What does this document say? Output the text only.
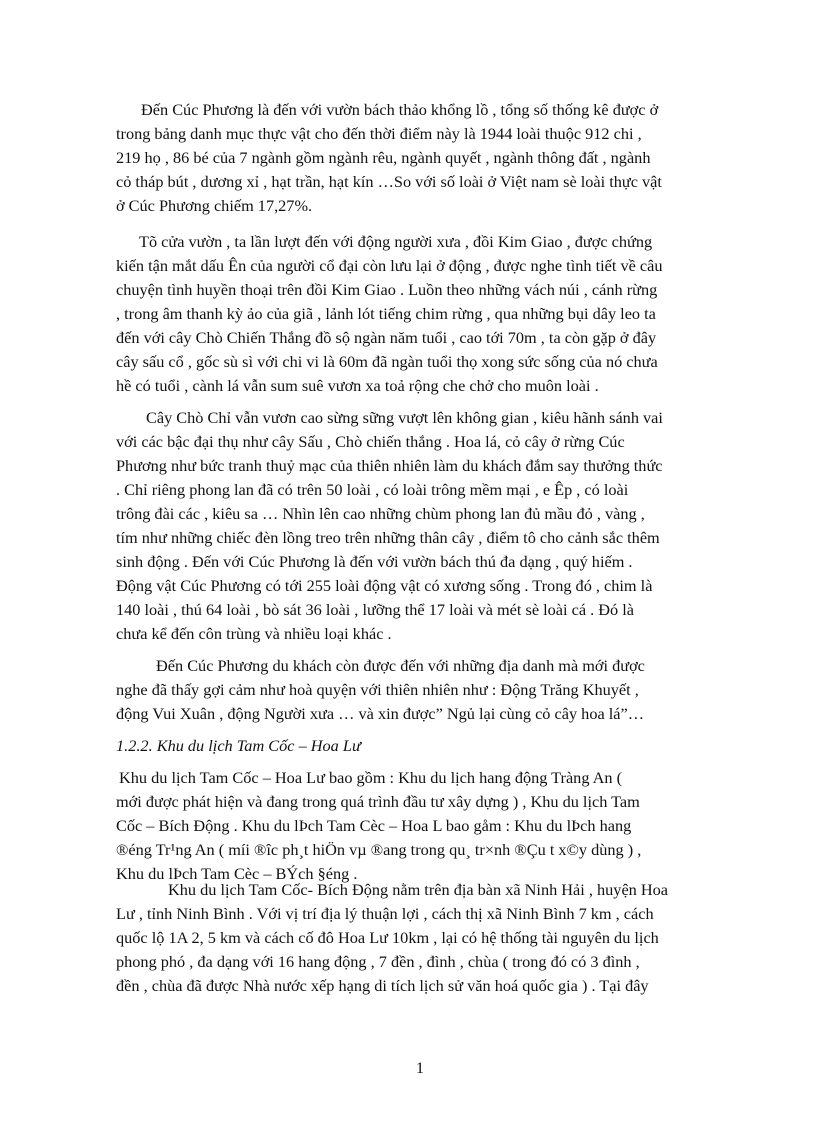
Đến Cúc Phương là đến với vườn bách thảo khổng lồ , tổng số thống kê được ở
trong bảng danh mục thực vật cho đến thời điểm này là 1944 loài thuộc 912 chi ,
219 họ , 86 bé của 7 ngành gồm ngành rêu, ngành quyết , ngành thông đất , ngành
cỏ tháp bút , dương xỉ , hạt trần, hạt kín …So với số loài ở Việt nam sè loài thực vật
ở Cúc Phương chiếm 17,27%.
Tõ cửa vườn , ta lần lượt đến với động người xưa , đồi Kim Giao , được chứng
kiến tận mắt dấu Ên của người cổ đại còn lưu lại ở động , được nghe tình tiết về câu
chuyện tình huyền thoại trên đồi Kim Giao . Luồn theo những vách núi , cánh rừng
, trong âm thanh kỳ ảo của giã , lảnh lót tiếng chim rừng , qua những bụi dây leo ta
đến với cây Chò Chiến Thắng đồ sộ ngàn năm tuổi , cao tới 70m , ta còn gặp ở đây
cây sấu cổ , gốc sù sì với chi vi là 60m đã ngàn tuổi thọ xong sức sống của nó chưa
hề có tuổi , cành lá vẫn sum suê vươn xa toả rộng che chở cho muôn loài .
Cây Chò Chỉ vẫn vươn cao sừng sững vượt lên không gian , kiêu hãnh sánh vai
với các bậc đại thụ như cây Sấu , Chò chiến thắng . Hoa lá, cỏ cây ở rừng Cúc
Phương như bức tranh thuỷ mạc của thiên nhiên làm du khách đắm say thưởng thức
. Chỉ riêng phong lan đã có trên 50 loài , có loài trông mềm mại , e Êp , có loài
trông đài các , kiêu sa … Nhìn lên cao những chùm phong lan đủ mầu đỏ , vàng ,
tím như những chiếc đèn lồng treo trên những thân cây , điểm tô cho cảnh sắc thêm
sinh động . Đến với Cúc Phương là đến với vườn bách thú đa dạng , quý hiếm .
Động vật Cúc Phương có tới 255 loài động vật có xương sống . Trong đó , chim là
140 loài , thú 64 loài , bò sát 36 loài , lưỡng thể 17 loài và mét sè loài cá . Đó là
chưa kể đến côn trùng và nhiều loại khác .
Đến Cúc Phương du khách còn được đến với những địa danh mà mới được
nghe đã thấy gợi cảm như hoà quyện với thiên nhiên như : Động Trăng Khuyết ,
động Vui Xuân , động Người xưa … và xin được” Ngủ lại cùng cỏ cây hoa lá”…
1.2.2. Khu du lịch Tam Cốc – Hoa Lư
Khu du lịch Tam Cốc – Hoa Lư bao gồm : Khu du lịch hang động Tràng An (
mới được phát hiện và đang trong quá trình đầu tư xây dựng ) , Khu du lịch Tam
Cốc – Bích Động . Khu du lÞch Tam Cèc – Hoa L bao gåm : Khu du lÞch hang
®éng Tr¹ng An ( míi ®îc ph¸t hiÖn vµ ®ang trong qu¸ tr×nh ®Çu t x©y dùng ) ,
Khu du lÞch Tam Cèc – BÝch §éng .
Khu du lịch Tam Cốc- Bích Động nằm trên địa bàn xã Ninh Hải , huyện Hoa
Lư , tỉnh Ninh Bình . Với vị trí địa lý thuận lợi , cách thị xã Ninh Bình 7 km , cách
quốc lộ 1A 2, 5 km và cách cố đô Hoa Lư 10km , lại có hệ thống tài nguyên du lịch
phong phó , đa dạng với 16 hang động , 7 đền , đình , chùa ( trong đó có 3 đình ,
đền , chùa đã được Nhà nước xếp hạng di tích lịch sử văn hoá quốc gia ) . Tại đây
1
